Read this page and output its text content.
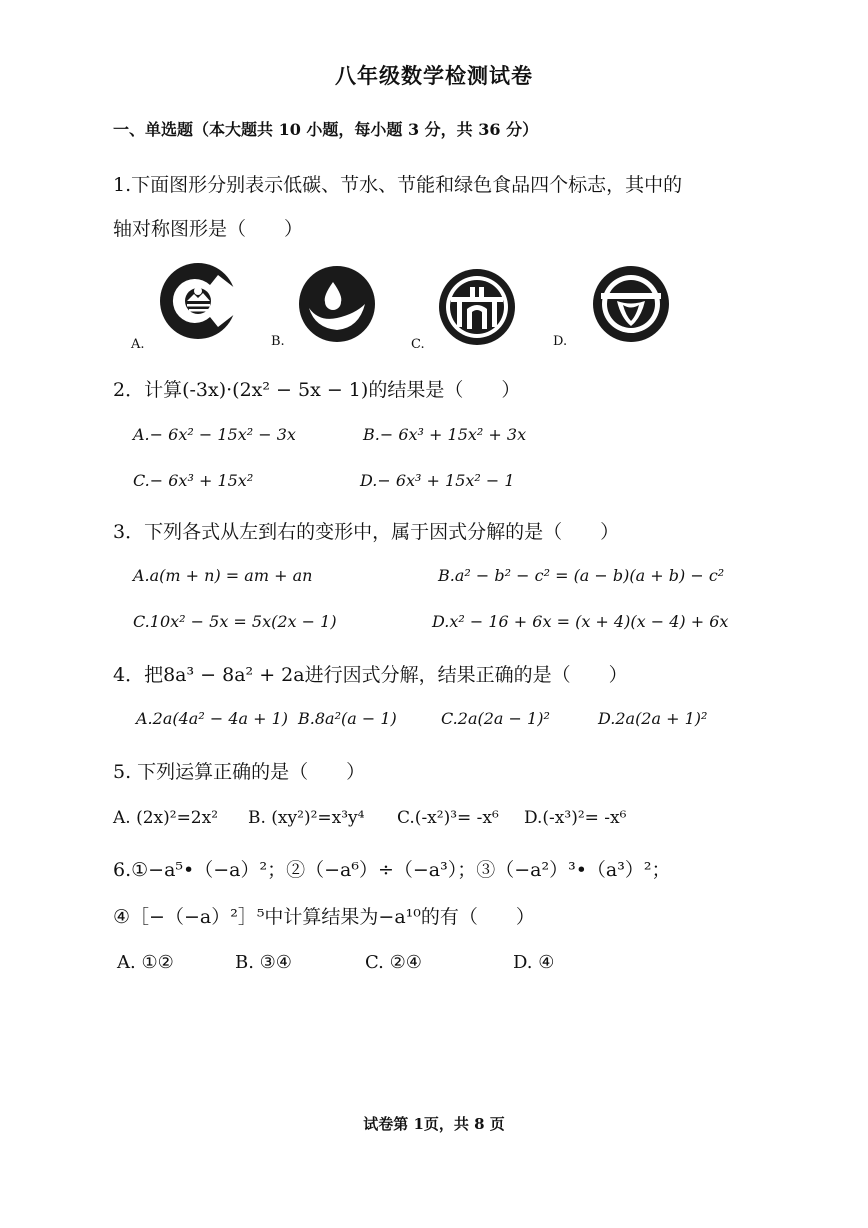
八年级数学检测试卷
一、单选题（本大题共 10 小题，每小题 3 分，共 36 分）
1.下面图形分别表示低碳、节水、节能和绿色食品四个标志，其中的
轴对称图形是（　　）
A.	B.	C.	D.
2．计算(-3x)·(2x² − 5x − 1)的结果是（　　）
A.− 6x² − 15x² − 3x	B.− 6x³ + 15x² + 3x
C.− 6x³ + 15x²	D.− 6x³ + 15x² − 1
3．下列各式从左到右的变形中，属于因式分解的是（　　）
A.a(m + n) = am + an	B.a² − b² − c² = (a − b)(a + b) − c²
C.10x² − 5x = 5x(2x − 1)	D.x² − 16 + 6x = (x + 4)(x − 4) + 6x
4．把8a³ − 8a² + 2a进行因式分解，结果正确的是（　　）
A.2a(4a² − 4a + 1) B.8a²(a − 1)	C.2a(2a − 1)²	D.2a(2a + 1)²
5. 下列运算正确的是（　　）
A. (2x)²=2x² B. (xy²)²=x³y⁴ C.(-x²)³= -x⁶ D.(-x³)²= -x⁶
6.①−a⁵•（−a）²；②（−a⁶）÷（−a³）；③（−a²）³•（a³）²；
④［−（−a）²］⁵中计算结果为−a¹⁰的有（　　）
A. ①②	B. ③④	C. ②④	D. ④
试卷第 1页，共 8 页
